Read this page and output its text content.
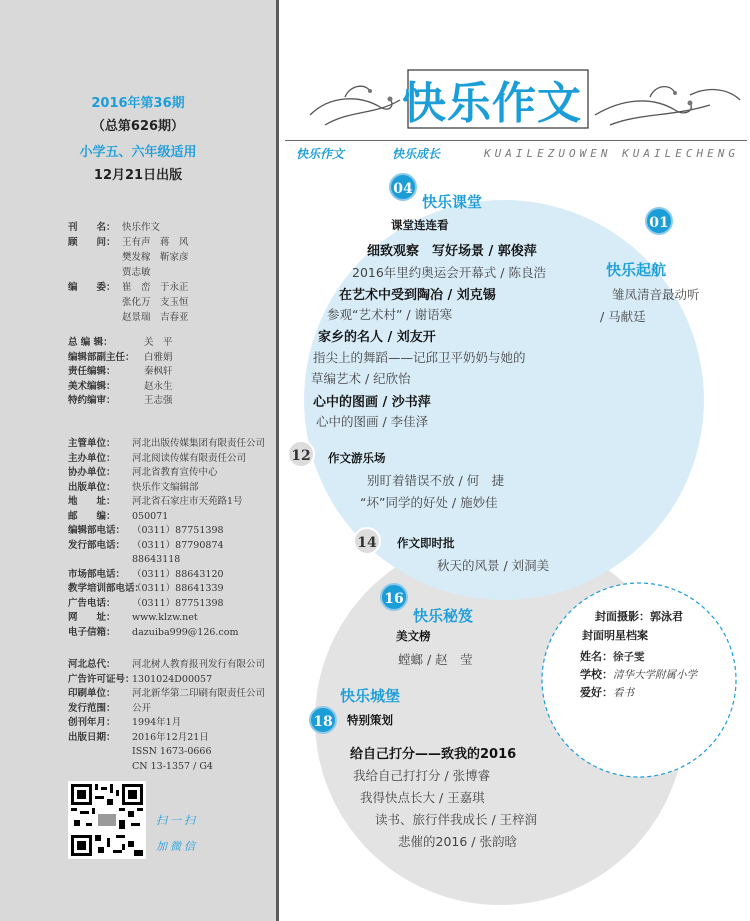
2016年第36期
（总第626期）
小学五、六年级适用
12月21日出版
刊　　名： 快乐作文
顾　　问： 王有声　蒋　风
樊发稼　靳家彦
贾志敏
编　　委： 崔　峦　于永正
张化万　支玉恒
赵景瑞　吉春亚
总 编 辑：	关　平
编辑部副主任： 白雅娟
责任编辑：	秦枫轩
美术编辑：	赵永生
特约编审：	王志强
主管单位： 河北出版传媒集团有限责任公司
主办单位： 河北阅读传媒有限责任公司
协办单位： 河北省教育宣传中心
出版单位： 快乐作文编辑部
地　　址： 河北省石家庄市天苑路1号
邮　　编： 050071
编辑部电话： （0311）87751398
发行部电话： （0311）87790874
88643118
市场部电话： （0311）88643120
教学培训部电话：
（0311）88641339
广告电话： （0311）87751398
网　　址： www.klzw.net
电子信箱： dazuiba999@126.com
河北总代： 河北树人教育报刊发行有限公司
广告许可证号：
1301024D00057
印刷单位： 河北新华第二印刷有限责任公司
发行范围： 公开
创刊年月： 1994年1月
出版日期： 2016年12月21日
ISSN 1673-0666
CN 13-1357 / G4
扫一扫
加微信
快乐作文
快乐作文	快乐成长	KUAILEZUOWEN KUAILECHENG
04
快乐课堂
课堂连连看
细致观察　写好场景 / 郭俊萍
2016年里约奥运会开幕式 / 陈良浩
在艺术中受到陶冶 / 刘克锡
参观“艺术村” / 谢语寒
家乡的名人 / 刘友开
指尖上的舞蹈——记邱卫平奶奶与她的
草编艺术 / 纪欣怡
心中的图画 / 沙书萍
心中的图画 / 李佳泽
01
快乐起航
雏凤清音最动听
/ 马献廷
12	作文游乐场
别盯着错误不放 / 何　捷
“坏”同学的好处 / 施妙佳
14	作文即时批
秋天的风景 / 刘洞美
16
快乐秘笈
美文榜
螳螂 / 赵　莹
快乐城堡
18	特别策划
给自己打分——致我的2016
我给自己打打分 / 张博睿
我得快点长大 / 王嘉琪
读书、旅行伴我成长 / 王梓润
悲催的2016 / 张韵晗
封面摄影：郭泳君
封面明星档案
姓名：徐子雯
学校：清华大学附属小学
爱好：看书
